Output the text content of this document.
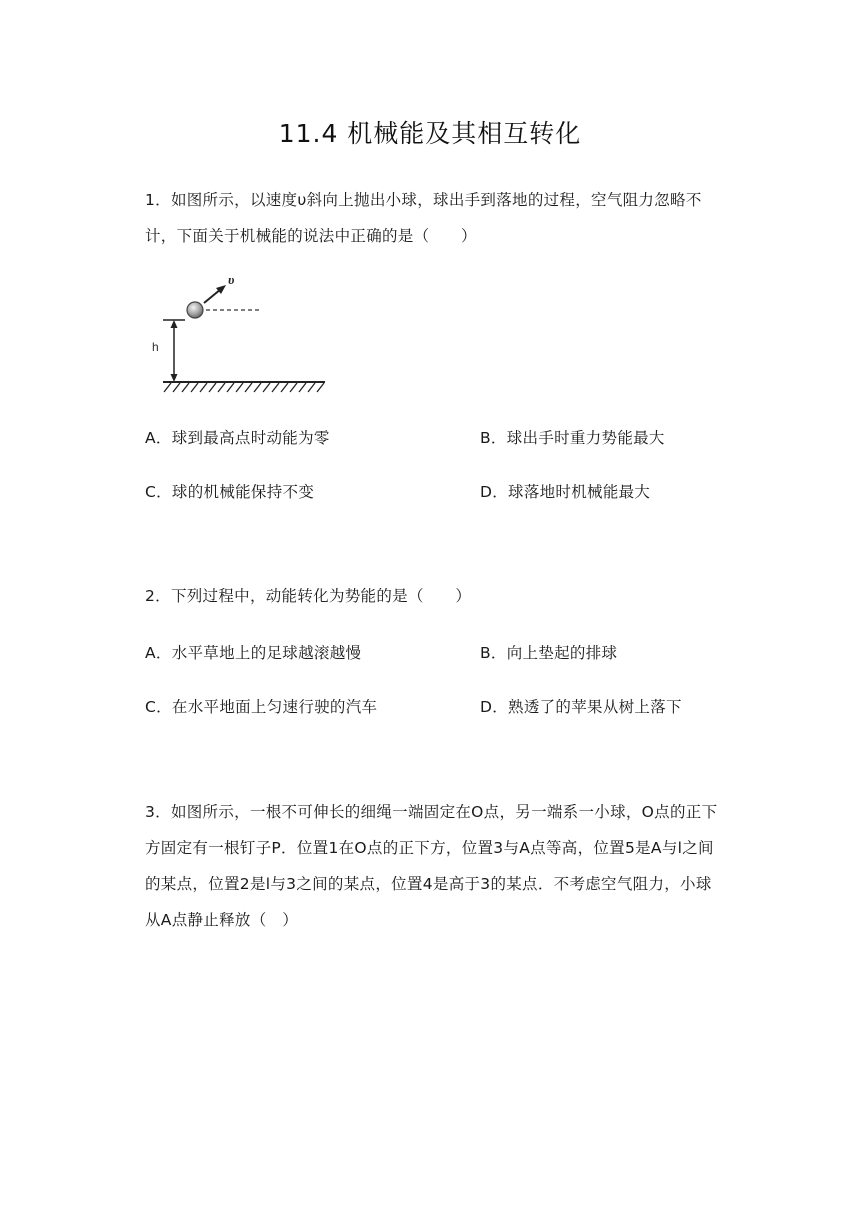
11.4 机械能及其相互转化
1．如图所示，以速度υ斜向上抛出小球，球出手到落地的过程，空气阻力忽略不计，下面关于机械能的说法中正确的是（　　）
h
υ
A．球到最高点时动能为零	B．球出手时重力势能最大
C．球的机械能保持不变	D．球落地时机械能最大
2．下列过程中，动能转化为势能的是（　　）
A．水平草地上的足球越滚越慢	B．向上垫起的排球
C．在水平地面上匀速行驶的汽车	D．熟透了的苹果从树上落下
3．如图所示，一根不可伸长的细绳一端固定在O点，另一端系一小球，O点的正下方固定有一根钉子P．位置1在O点的正下方，位置3与A点等高，位置5是A与l之间的某点，位置2是l与3之间的某点，位置4是高于3的某点．不考虑空气阻力，小球从A点静止释放（　）
